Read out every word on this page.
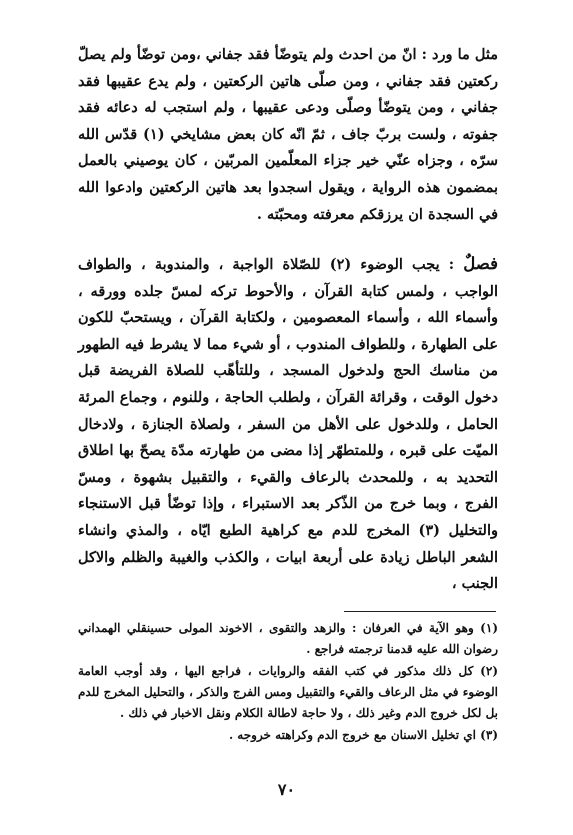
مثل ما ورد : انّ من احدث ولم يتوضّأ فقد جفاني ،ومن توضّأ ولم يصلّ ركعتين فقد جفاني ، ومن صلّى هاتين الركعتين ، ولم يدع عقيبها فقد جفاني ، ومن يتوضّأ وصلّى ودعى عقيبها ، ولم استجب له دعائه فقد جفوته ، ولست بربّ جاف ، ثمّ انّه كان بعض مشايخي (١) قدّس الله سرّه ، وجزاه عنّي خير جزاء المعلّمين المربّين ، كان يوصيني بالعمل بمضمون هذه الرواية ، ويقول اسجدوا بعد هاتين الركعتين وادعوا الله في السجدة ان يرزقكم معرفته ومحبّته .

فصلٌ : يجب الوضوء (٢) للصّلاة الواجبة ، والمندوبة ، والطواف الواجب ، ولمس كتابة القرآن ، والأحوط تركه لمسّ جلده وورقه ، وأسماء الله ، وأسماء المعصومين ، ولكتابة القرآن ، ويستحبّ للكون على الطهارة ، وللطواف المندوب ، أو شيء مما لا يشرط فيه الطهور من مناسك الحج ولدخول المسجد ، وللتأهّب للصلاة الفريضة قبل دخول الوقت ، وقرائة القرآن ، ولطلب الحاجة ، وللنوم ، وجماع المرئة الحامل ، وللدخول على الأهل من السفر ، ولصلاة الجنازة ، ولادخال الميّت على قبره ، وللمتطهّر إذا مضى من طهارته مدّة يصحّ بها اطلاق التحديد به ، وللمحدث بالرعاف والقيء ، والتقبيل بشهوة ، ومسّ الفرج ، وبما خرج من الذّكر بعد الاستبراء ، وإذا توضّأ قبل الاستنجاء والتخليل (٣) المخرج للدم مع كراهية الطبع ايّاه ، والمذي وانشاء الشعر الباطل زيادة على أربعة ابيات ، والكذب والغيبة والظلم والاكل الجنب ،

(١) وهو الآية في العرفان : والزهد والتقوى ، الاخوند المولى حسينقلي الهمداني رضوان الله عليه قدمنا ترجمته فراجع .
(٢) كل ذلك مذكور في كتب الفقه والروايات ، فراجع اليها ، وقد أوجب العامة الوضوء في مثل الرعاف والقيء والتقبيل ومس الفرج والذكر ، والتحليل المخرج للدم بل لكل خروج الدم وغير ذلك ، ولا حاجة لاطالة الكلام ونقل الاخبار في ذلك .
(٣) اي تخليل الاسنان مع خروج الدم وكراهته خروجه .
٧٠
